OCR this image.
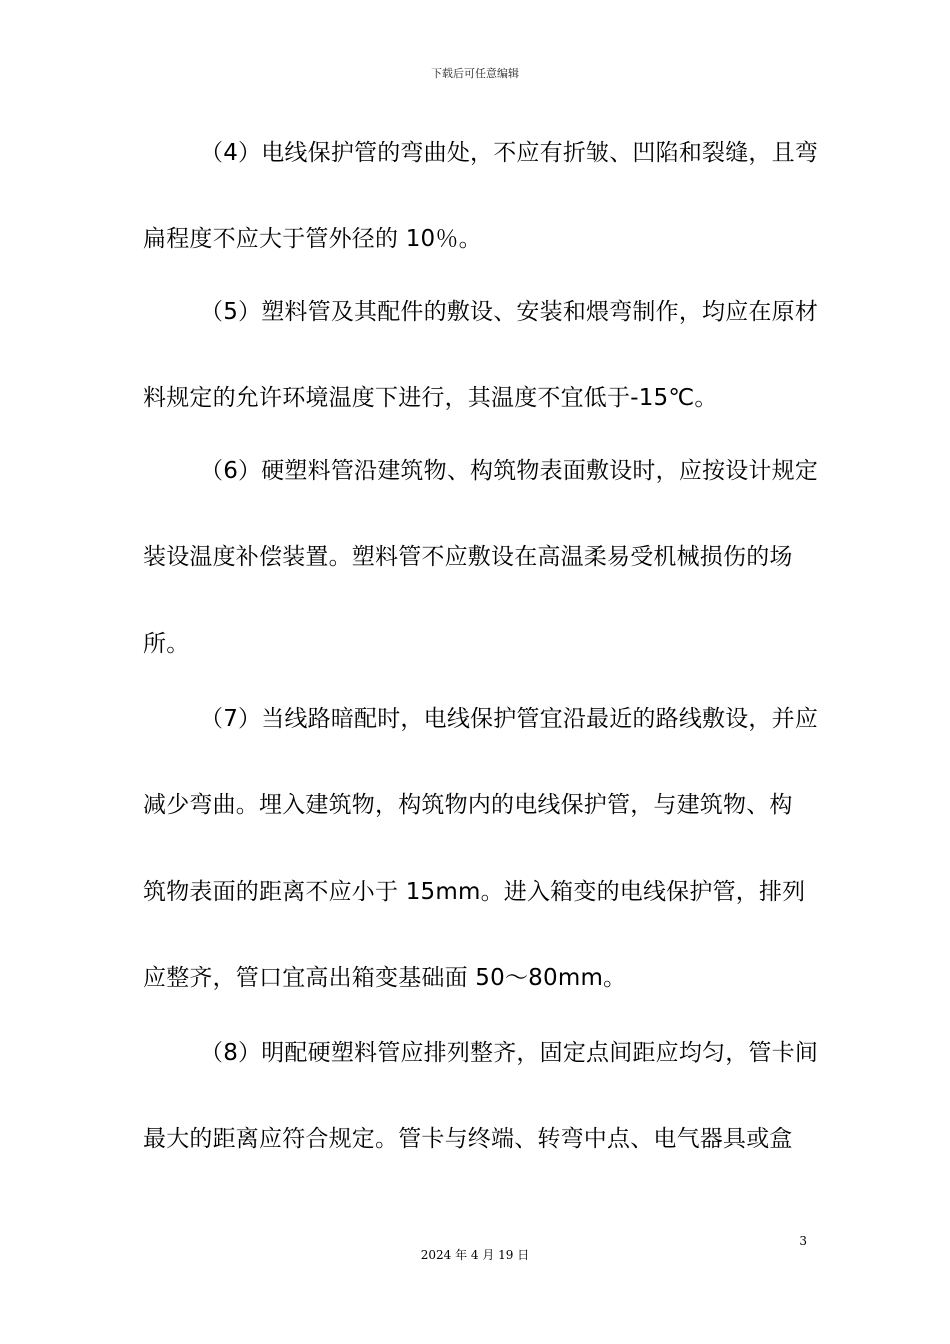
下载后可任意编辑
（4）电线保护管的弯曲处，不应有折皱、凹陷和裂缝，且弯
扁程度不应大于管外径的 10％。
（5）塑料管及其配件的敷设、安装和煨弯制作，均应在原材
料规定的允许环境温度下进行，其温度不宜低于-15℃。
（6）硬塑料管沿建筑物、构筑物表面敷设时，应按设计规定
装设温度补偿装置。塑料管不应敷设在高温柔易受机械损伤的场
所。
（7）当线路暗配时，电线保护管宜沿最近的路线敷设，并应
减少弯曲。埋入建筑物，构筑物内的电线保护管，与建筑物、构
筑物表面的距离不应小于 15mm。进入箱变的电线保护管，排列
应整齐，管口宜高出箱变基础面 50～80mm。
（8）明配硬塑料管应排列整齐，固定点间距应均匀，管卡间
最大的距离应符合规定。管卡与终端、转弯中点、电气器具或盒
3
2024 年 4 月 19 日
